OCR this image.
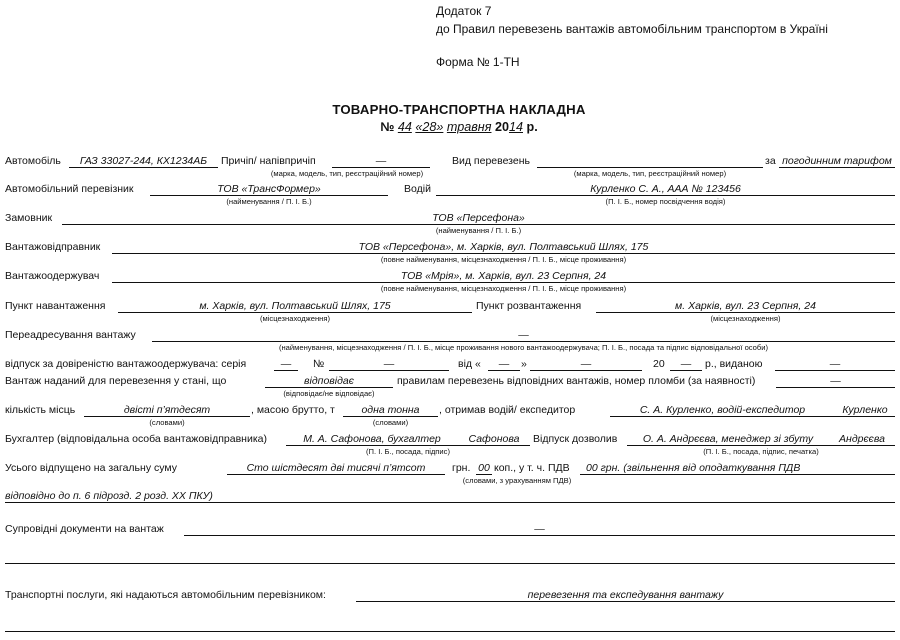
Додаток 7
до Правил перевезень вантажів автомобільним транспортом в Україні
Форма № 1-ТН
ТОВАРНО-ТРАНСПОРТНА НАКЛАДНА
№ 44 «28» травня 2014 р.
Автомобіль	ГАЗ 33027-244, КХ1234АБ	Причіп/ напівпричіп	—
(марка, модель, тип, реєстраційний номер)
Вид перевезень
(марка, модель, тип, реєстраційний номер)
за погодинним тарифом
Автомобільний перевізник	ТОВ «ТрансФормер»
(найменування / П. І. Б.)
Водій	Курленко С. А., ААА № 123456
(П. І. Б., номер посвідчення водія)
Замовник	ТОВ «Персефона»
(найменування / П. І. Б.)
Вантажовідправник	ТОВ «Персефона», м. Харків, вул. Полтавський Шлях, 175
(повне найменування, місцезнаходження / П. І. Б., місце проживання)
Вантажоодержувач	ТОВ «Мрія», м. Харків, вул. 23 Серпня, 24
(повне найменування, місцезнаходження / П. І. Б., місце проживання)
Пункт навантаження	м. Харків, вул. Полтавський Шлях, 175
(місцезнаходження)
Пункт розвантаження	м. Харків, вул. 23 Серпня, 24
(місцезнаходження)
Переадресування вантажу	—
(найменування, місцезнаходження / П. І. Б., місце проживання нового вантажоодержувача; П. І. Б., посада та підпис відповідальної особи)
відпуск за довіреністю вантажоодержувача: серія	—	№	—	від «	—	»	—	20	—	р., виданою	—
Вантаж наданий для перевезення у стані, що	відповідає
(відповідає/не відповідає)
правилам перевезень відповідних вантажів, номер пломби (за наявності)	—
кількість місць	двісті п’ятдесят
(словами)
, масою брутто, т	одна тонна
(словами)
, отримав водій/ експедитор	С. А. Курленко, водій-експедитор	Курленко
Бухгалтер (відповідальна особа вантажовідправника)	М. А. Сафонова, бухгалтер	Сафонова
(П. І. Б., посада, підпис)
Відпуск дозволив	О. А. Андрєєва, менеджер зі збуту	Андрєєва
(П. І. Б., посада, підпис, печатка)
Усього відпущено на загальну суму	Сто шістдесят дві тисячі п’ятсот
(словами, з урахуванням ПДВ)
грн. 00 коп., у т. ч. ПДВ 00 грн. (звільнення від оподаткування ПДВ
відповідно до п. 6 підрозд. 2 розд. ХХ ПКУ)
Супровідні документи на вантаж	—
Транспортні послуги, які надаються автомобільним перевізником:	перевезення та експедування вантажу
